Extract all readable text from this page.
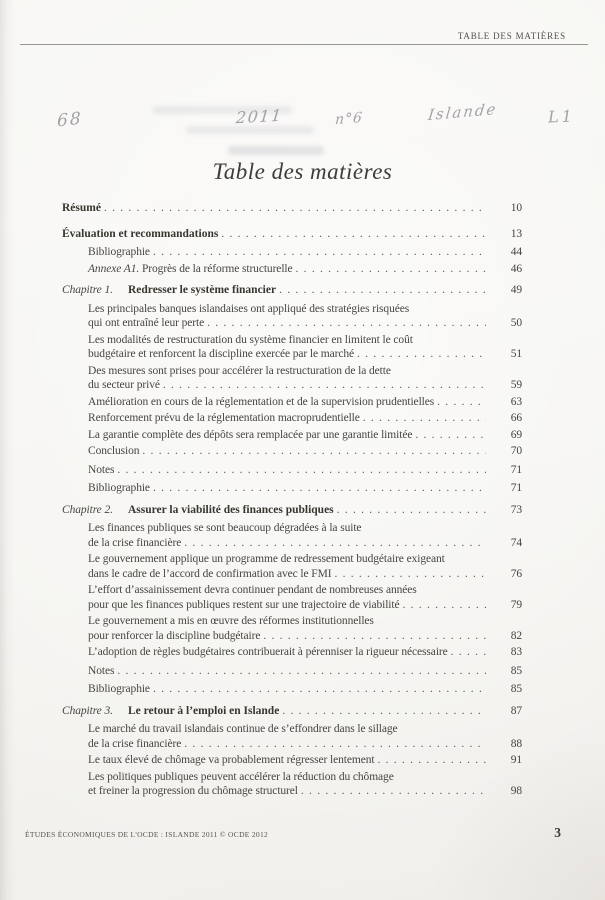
TABLE DES MATIÈRES
68	2011	n°6	Islande	L1
Table des matières
Résumé . . .	10
Évaluation et recommandations . . .	13
Bibliographie . . .	44
Annexe A1. Progrès de la réforme structurelle . . .	46
Chapitre 1.	Redresser le système financier . . .	49
Les principales banques islandaises ont appliqué des stratégies risquées
qui ont entraîné leur perte . . .	50
Les modalités de restructuration du système financier en limitent le coût
budgétaire et renforcent la discipline exercée par le marché . . .	51
Des mesures sont prises pour accélérer la restructuration de la dette
du secteur privé . . .	59
Amélioration en cours de la réglementation et de la supervision prudentielles . . .	63
Renforcement prévu de la réglementation macroprudentielle . . .	66
La garantie complète des dépôts sera remplacée par une garantie limitée . . .	69
Conclusion . . .	70
Notes . . .	71
Bibliographie . . .	71
Chapitre 2.	Assurer la viabilité des finances publiques . . .	73
Les finances publiques se sont beaucoup dégradées à la suite
de la crise financière . . .	74
Le gouvernement applique un programme de redressement budgétaire exigeant
dans le cadre de l’accord de confirmation avec le FMI . . .	76
L’effort d’assainissement devra continuer pendant de nombreuses années
pour que les finances publiques restent sur une trajectoire de viabilité . . .	79
Le gouvernement a mis en œuvre des réformes institutionnelles
pour renforcer la discipline budgétaire . . .	82
L’adoption de règles budgétaires contribuerait à pérenniser la rigueur nécessaire . . .	83
Notes . . .	85
Bibliographie . . .	85
Chapitre 3.	Le retour à l’emploi en Islande . . .	87
Le marché du travail islandais continue de s’effondrer dans le sillage
de la crise financière . . .	88
Le taux élevé de chômage va probablement régresser lentement . . .	91
Les politiques publiques peuvent accélérer la réduction du chômage
et freiner la progression du chômage structurel . . .	98
ÉTUDES ÉCONOMIQUES DE L'OCDE : ISLANDE 2011 © OCDE 2012	3
